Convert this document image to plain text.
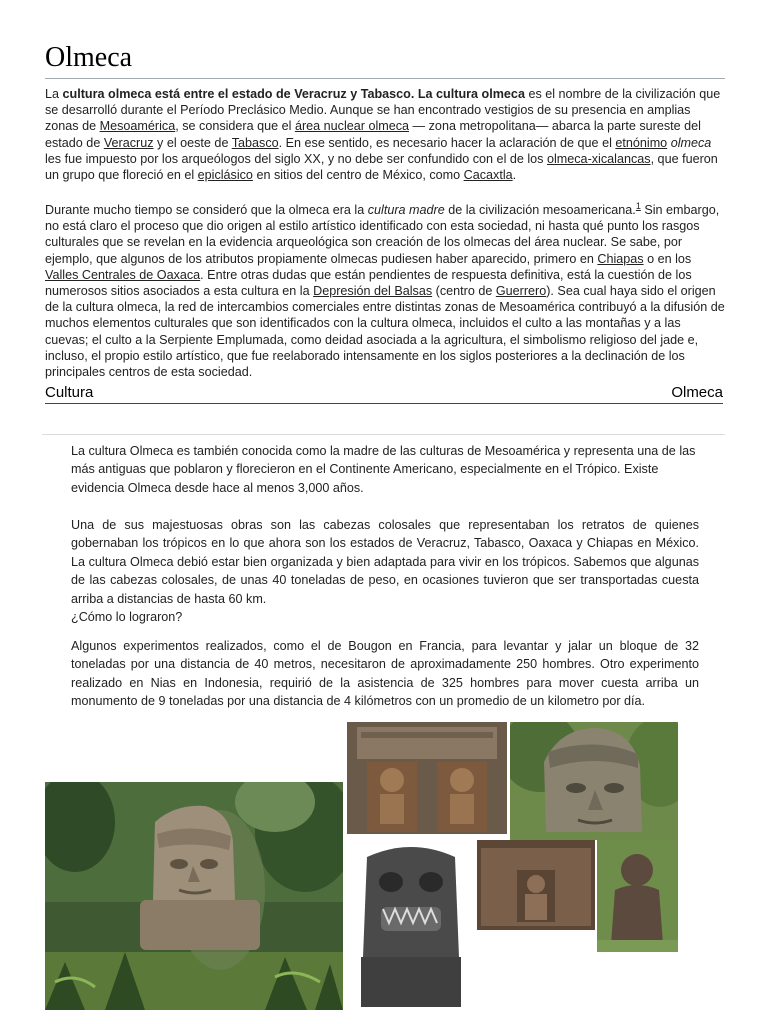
Olmeca

La cultura olmeca está entre el estado de Veracruz y Tabasco. La cultura olmeca es el nombre de la civilización que se desarrolló durante el Período Preclásico Medio. Aunque se han encontrado vestigios de su presencia en amplias zonas de Mesoamérica, se considera que el área nuclear olmeca — zona metropolitana— abarca la parte sureste del estado de Veracruz y el oeste de Tabasco. En ese sentido, es necesario hacer la aclaración de que el etnónimo olmeca les fue impuesto por los arqueólogos del siglo XX, y no debe ser confundido con el de los olmeca-xicalancas, que fueron un grupo que floreció en el epiclásico en sitios del centro de México, como Cacaxtla.

Durante mucho tiempo se consideró que la olmeca era la cultura madre de la civilización mesoamericana.$^1$ Sin embargo, no está claro el proceso que dio origen al estilo artístico identificado con esta sociedad, ni hasta qué punto los rasgos culturales que se revelan en la evidencia arqueológica son creación de los olmecas del área nuclear. Se sabe, por ejemplo, que algunos de los atributos propiamente olmecas pudiesen haber aparecido, primero en Chiapas o en los Valles Centrales de Oaxaca. Entre otras dudas que están pendientes de respuesta definitiva, está la cuestión de los numerosos sitios asociados a esta cultura en la Depresión del Balsas (centro de Guerrero). Sea cual haya sido el origen de la cultura olmeca, la red de intercambios comerciales entre distintas zonas de Mesoamérica contribuyó a la difusión de muchos elementos culturales que son identificados con la cultura olmeca, incluidos el culto a las montañas y a las cuevas; el culto a la Serpiente Emplumada, como deidad asociada a la agricultura, el simbolismo religioso del jade e, incluso, el propio estilo artístico, que fue reelaborado intensamente en los siglos posteriores a la declinación de los principales centros de esta sociedad.

Cultura	Olmeca

La cultura Olmeca es también conocida como la madre de las culturas de Mesoamérica y representa una de las más antiguas que poblaron y florecieron en el Continente Americano, especialmente en el Trópico. Existe evidencia Olmeca desde hace al menos 3,000 años.

Una de sus majestuosas obras son las cabezas colosales que representaban los retratos de quienes gobernaban los trópicos en lo que ahora son los estados de Veracruz, Tabasco, Oaxaca y Chiapas en México. La cultura Olmeca debió estar bien organizada y bien adaptada para vivir en los trópicos. Sabemos que algunas de las cabezas colosales, de unas 40 toneladas de peso, en ocasiones tuvieron que ser transportadas cuesta arriba a distancias de hasta 60 km.
¿Cómo lo lograron?

Algunos experimentos realizados, como el de Bougon en Francia, para levantar y jalar un bloque de 32 toneladas por una distancia de 40 metros, necesitaron de aproximadamente 250 hombres. Otro experimento realizado en Nias en Indonesia, requirió de la asistencia de 325 hombres para mover cuesta arriba un monumento de 9 toneladas por una distancia de 4 kilómetros con un promedio de un kilometro por día.
